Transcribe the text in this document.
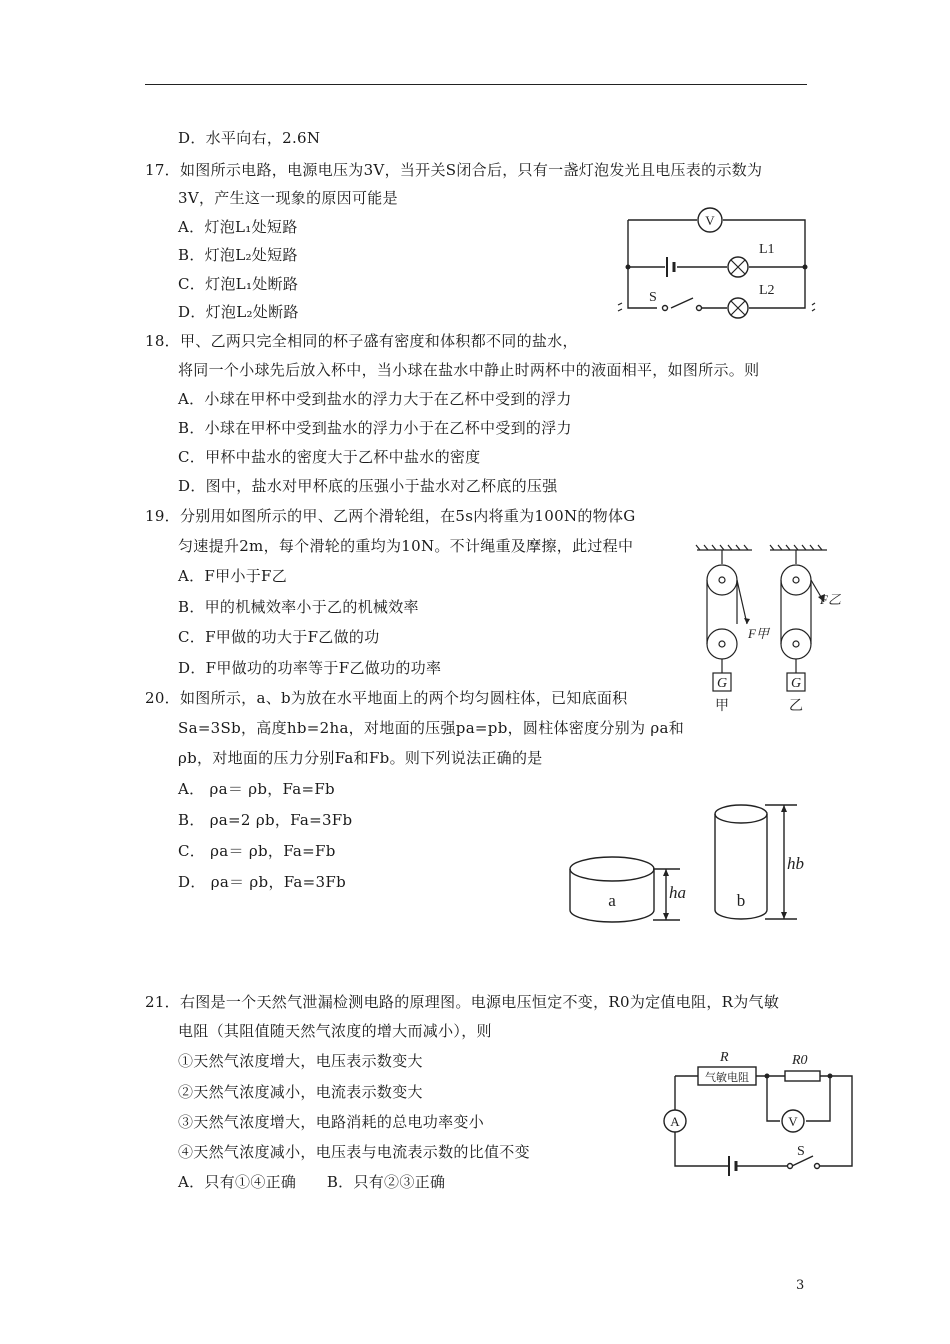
D．水平向右，2.6N
17．如图所示电路，电源电压为3V，当开关S闭合后，只有一盏灯泡发光且电压表的示数为
3V，产生这一现象的原因可能是
A．灯泡L₁处短路
B．灯泡L₂处短路
C．灯泡L₁处断路
D．灯泡L₂处断路
18．甲、乙两只完全相同的杯子盛有密度和体积都不同的盐水，
将同一个小球先后放入杯中，当小球在盐水中静止时两杯中的液面相平，如图所示。则
A．小球在甲杯中受到盐水的浮力大于在乙杯中受到的浮力
B．小球在甲杯中受到盐水的浮力小于在乙杯中受到的浮力
C．甲杯中盐水的密度大于乙杯中盐水的密度
D．图中，盐水对甲杯底的压强小于盐水对乙杯底的压强
19．分别用如图所示的甲、乙两个滑轮组，在5s内将重为100N的物体G
匀速提升2m，每个滑轮的重均为10N。不计绳重及摩擦，此过程中
A．F甲小于F乙
B．甲的机械效率小于乙的机械效率
C．F甲做的功大于F乙做的功
D．F甲做功的功率等于F乙做功的功率
20．如图所示，a、b为放在水平地面上的两个均匀圆柱体，已知底面积
Sa=3Sb，高度hb=2ha，对地面的压强pa=pb，圆柱体密度分别为 ρa和
ρb，对地面的压力分别Fa和Fb。则下列说法正确的是
A． ρa＝ ρb，Fa=Fb
B． ρa=2 ρb，Fa=3Fb
C． ρa＝ ρb，Fa=Fb
D． ρa＝ ρb，Fa=3Fb
21．右图是一个天然气泄漏检测电路的原理图。电源电压恒定不变，R0为定值电阻，R为气敏
电阻（其阻值随天然气浓度的增大而减小），则
①天然气浓度增大，电压表示数变大
②天然气浓度减小，电流表示数变大
③天然气浓度增大，电路消耗的总电功率变小
④天然气浓度减小，电压表与电流表示数的比值不变
A．只有①④正确　　B．只有②③正确
V
L1
L2
S
G	G
F甲
F乙
甲	乙
a	b
ha
hb
A	V
R	R0
气敏电阻
S
3
